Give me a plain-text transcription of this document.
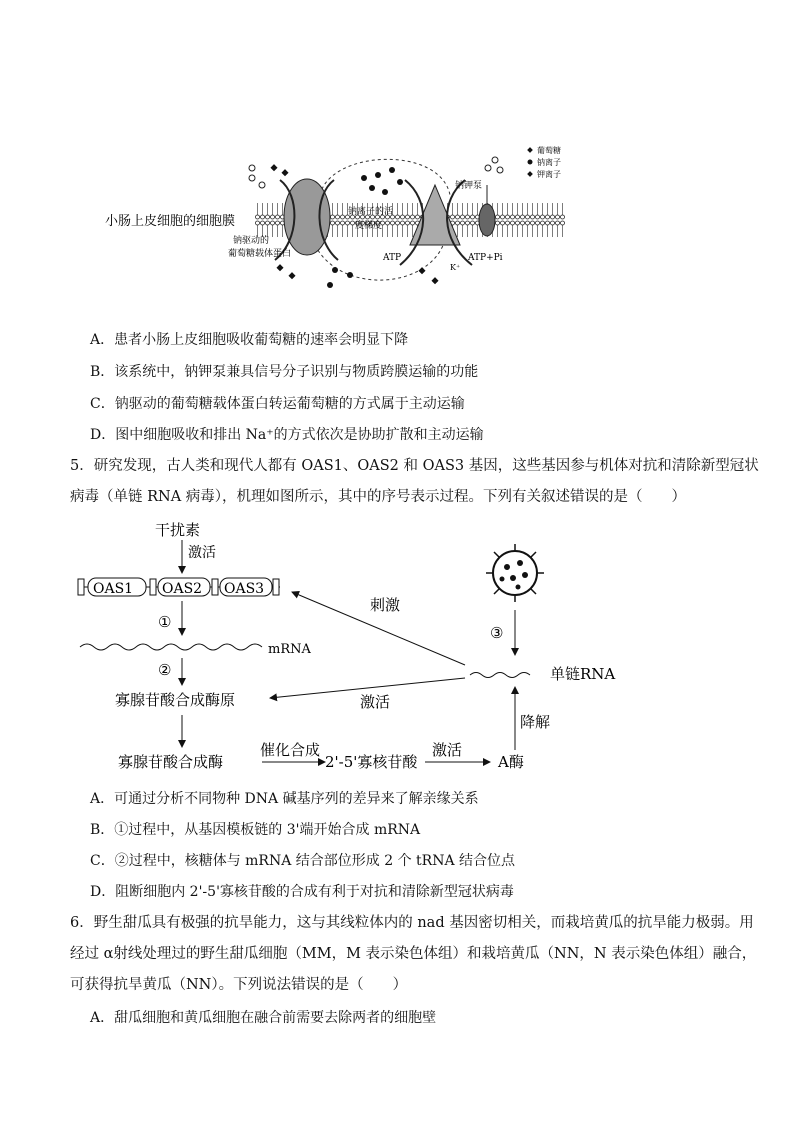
葡萄糖
钠离子
钾离子
小肠上皮细胞的细胞膜
钠驱动的
葡萄糖载体蛋白
钠离子的活
度梯度
钠钾泵
ATP	ATP+Pi
K⁺
A．患者小肠上皮细胞吸收葡萄糖的速率会明显下降
B．该系统中，钠钾泵兼具信号分子识别与物质跨膜运输的功能
C．钠驱动的葡萄糖载体蛋白转运葡萄糖的方式属于主动运输
D．图中细胞吸收和排出 Na⁺的方式依次是协助扩散和主动运输
5．研究发现，古人类和现代人都有 OAS1、OAS2 和 OAS3 基因，这些基因参与机体对抗和清除新型冠状
病毒（单链 RNA 病毒），机理如图所示，其中的序号表示过程。下列有关叙述错误的是（　　）
干扰素
激活
OAS1 OAS2 OAS3
①
mRNA
②
寡腺苷酸合成酶原
寡腺苷酸合成酶
催化合成
2'-5'寡核苷酸
激活
A酶
降解
③
单链RNA
刺激
激活
A．可通过分析不同物种 DNA 碱基序列的差异来了解亲缘关系
B．①过程中，从基因模板链的 3'端开始合成 mRNA
C．②过程中，核糖体与 mRNA 结合部位形成 2 个 tRNA 结合位点
D．阻断细胞内 2'-5'寡核苷酸的合成有利于对抗和清除新型冠状病毒
6．野生甜瓜具有极强的抗旱能力，这与其线粒体内的 nad 基因密切相关，而栽培黄瓜的抗旱能力极弱。用
经过 α射线处理过的野生甜瓜细胞（MM，M 表示染色体组）和栽培黄瓜（NN，N 表示染色体组）融合，
可获得抗旱黄瓜（NN）。下列说法错误的是（　　）
A．甜瓜细胞和黄瓜细胞在融合前需要去除两者的细胞壁
